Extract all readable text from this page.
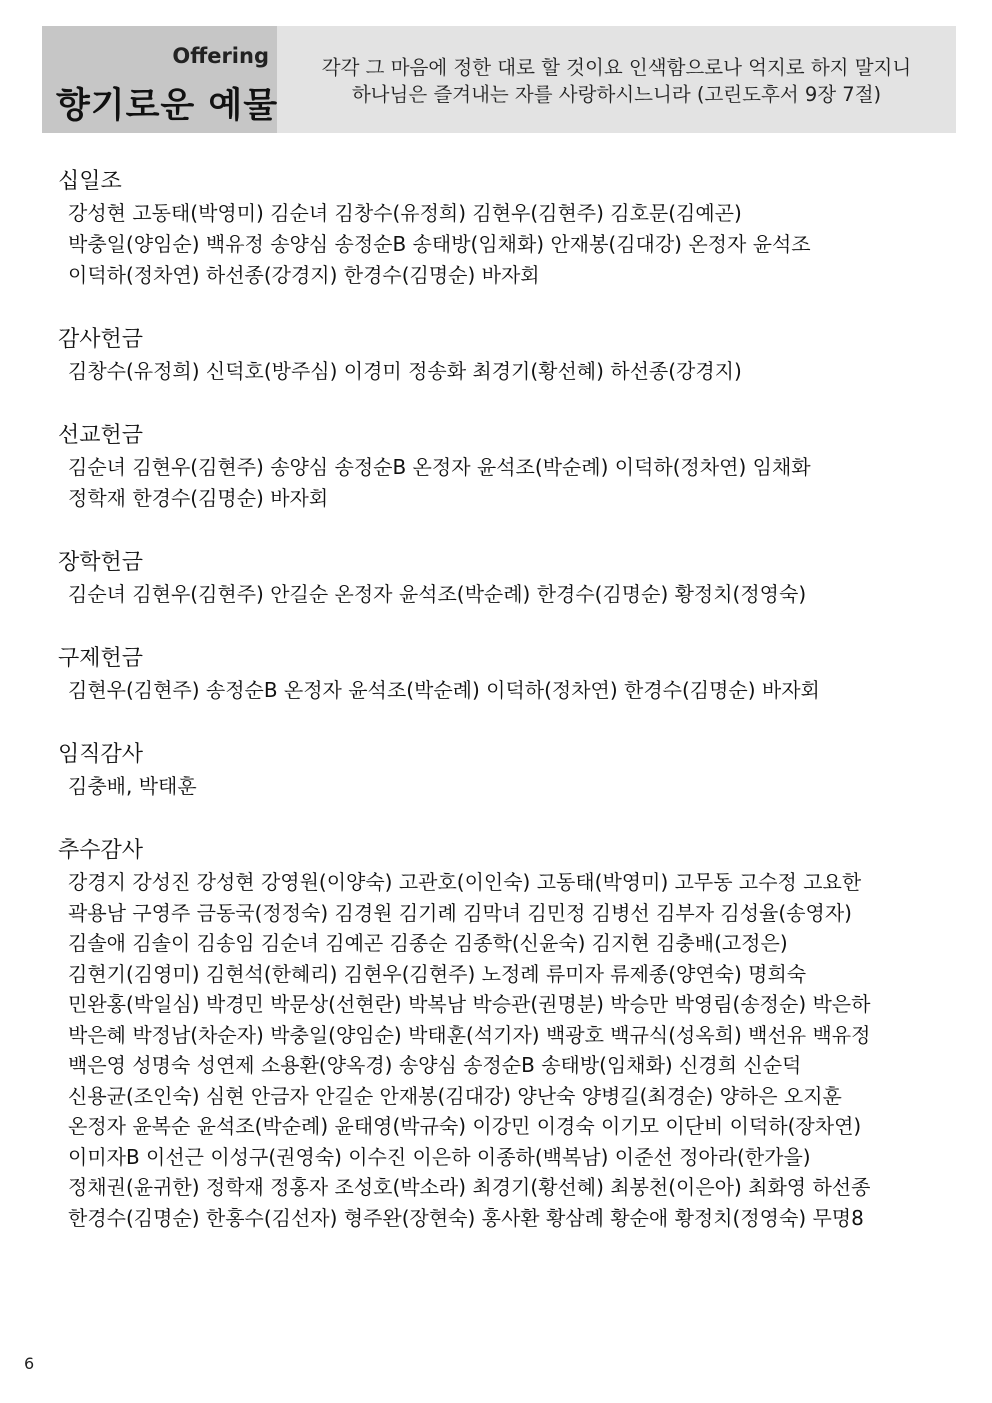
Offering
향기로운 예물
각각 그 마음에 정한 대로 할 것이요 인색함으로나 억지로 하지 말지니
하나님은 즐겨내는 자를 사랑하시느니라 (고린도후서 9장 7절)
십일조
강성현 고동태(박영미) 김순녀 김창수(유정희) 김현우(김현주) 김호문(김예곤)
박충일(양임순) 백유정 송양심 송정순B 송태방(임채화) 안재봉(김대강) 온정자 윤석조
이덕하(정차연) 하선종(강경지) 한경수(김명순) 바자회
감사헌금
김창수(유정희) 신덕호(방주심) 이경미 정송화 최경기(황선혜) 하선종(강경지)
선교헌금
김순녀 김현우(김현주) 송양심 송정순B 온정자 윤석조(박순례) 이덕하(정차연) 임채화
정학재 한경수(김명순) 바자회
장학헌금
김순녀 김현우(김현주) 안길순 온정자 윤석조(박순례) 한경수(김명순) 황정치(정영숙)
구제헌금
김현우(김현주) 송정순B 온정자 윤석조(박순례) 이덕하(정차연) 한경수(김명순) 바자회
임직감사
김충배, 박태훈
추수감사
강경지 강성진 강성현 강영원(이양숙) 고관호(이인숙) 고동태(박영미) 고무동 고수정 고요한
곽용남 구영주 금동국(정정숙) 김경원 김기례 김막녀 김민정 김병선 김부자 김성율(송영자)
김솔애 김솔이 김송임 김순녀 김예곤 김종순 김종학(신윤숙) 김지현 김충배(고정은)
김현기(김영미) 김현석(한혜리) 김현우(김현주) 노정례 류미자 류제종(양연숙) 명희숙
민완홍(박일심) 박경민 박문상(선현란) 박복남 박승관(권명분) 박승만 박영림(송정순) 박은하
박은혜 박정남(차순자) 박충일(양임순) 박태훈(석기자) 백광호 백규식(성옥희) 백선유 백유정
백은영 성명숙 성연제 소용환(양옥경) 송양심 송정순B 송태방(임채화) 신경희 신순덕
신용균(조인숙) 심현 안금자 안길순 안재봉(김대강) 양난숙 양병길(최경순) 양하은 오지훈
온정자 윤복순 윤석조(박순례) 윤태영(박규숙) 이강민 이경숙 이기모 이단비 이덕하(장차연)
이미자B 이선근 이성구(권영숙) 이수진 이은하 이종하(백복남) 이준선 정아라(한가을)
정채권(윤귀한) 정학재 정홍자 조성호(박소라) 최경기(황선혜) 최봉천(이은아) 최화영 하선종
한경수(김명순) 한홍수(김선자) 형주완(장현숙) 홍사환 황삼례 황순애 황정치(정영숙) 무명8
6
